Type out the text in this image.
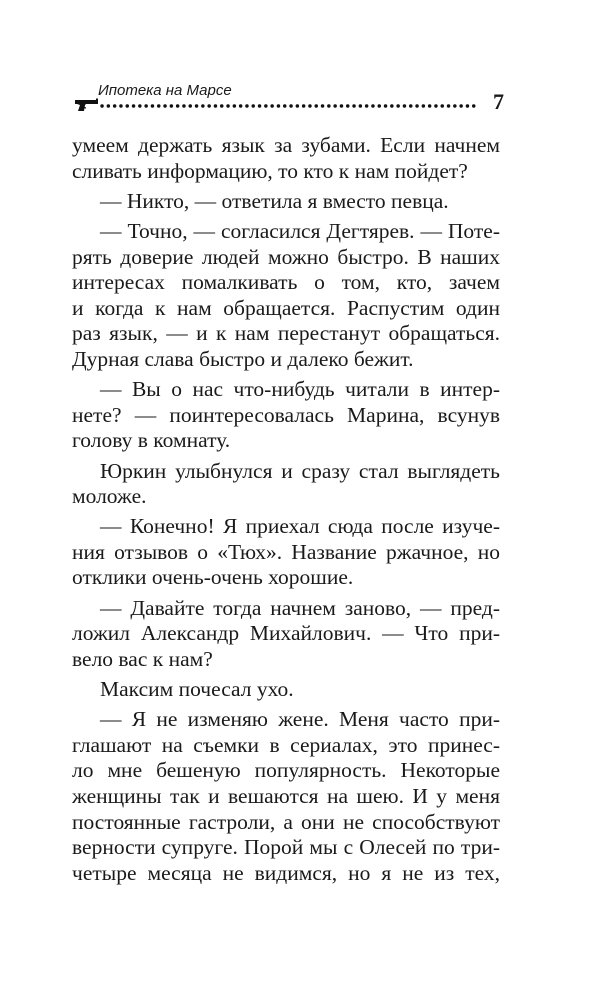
Ипотека на Марсе	7
умеем держать язык за зубами. Если начнем
сливать информацию, то кто к нам пойдет?
— Никто, — ответила я вместо певца.
— Точно, — согласился Дегтярев. — Поте-
рять доверие людей можно быстро. В наших
интересах помалкивать о том, кто, зачем
и когда к нам обращается. Распустим один
раз язык, — и к нам перестанут обращаться.
Дурная слава быстро и далеко бежит.
— Вы о нас что-нибудь читали в интер-
нете? — поинтересовалась Марина, всунув
голову в комнату.
Юркин улыбнулся и сразу стал выглядеть
моложе.
— Конечно! Я приехал сюда после изуче-
ния отзывов о «Тюх». Название ржачное, но
отклики очень-очень хорошие.
— Давайте тогда начнем заново, — пред-
ложил Александр Михайлович. — Что при-
вело вас к нам?
Максим почесал ухо.
— Я не изменяю жене. Меня часто при-
глашают на съемки в сериалах, это принес-
ло мне бешеную популярность. Некоторые
женщины так и вешаются на шею. И у меня
постоянные гастроли, а они не способствуют
верности супруге. Порой мы с Олесей по три-
четыре месяца не видимся, но я не из тех,
